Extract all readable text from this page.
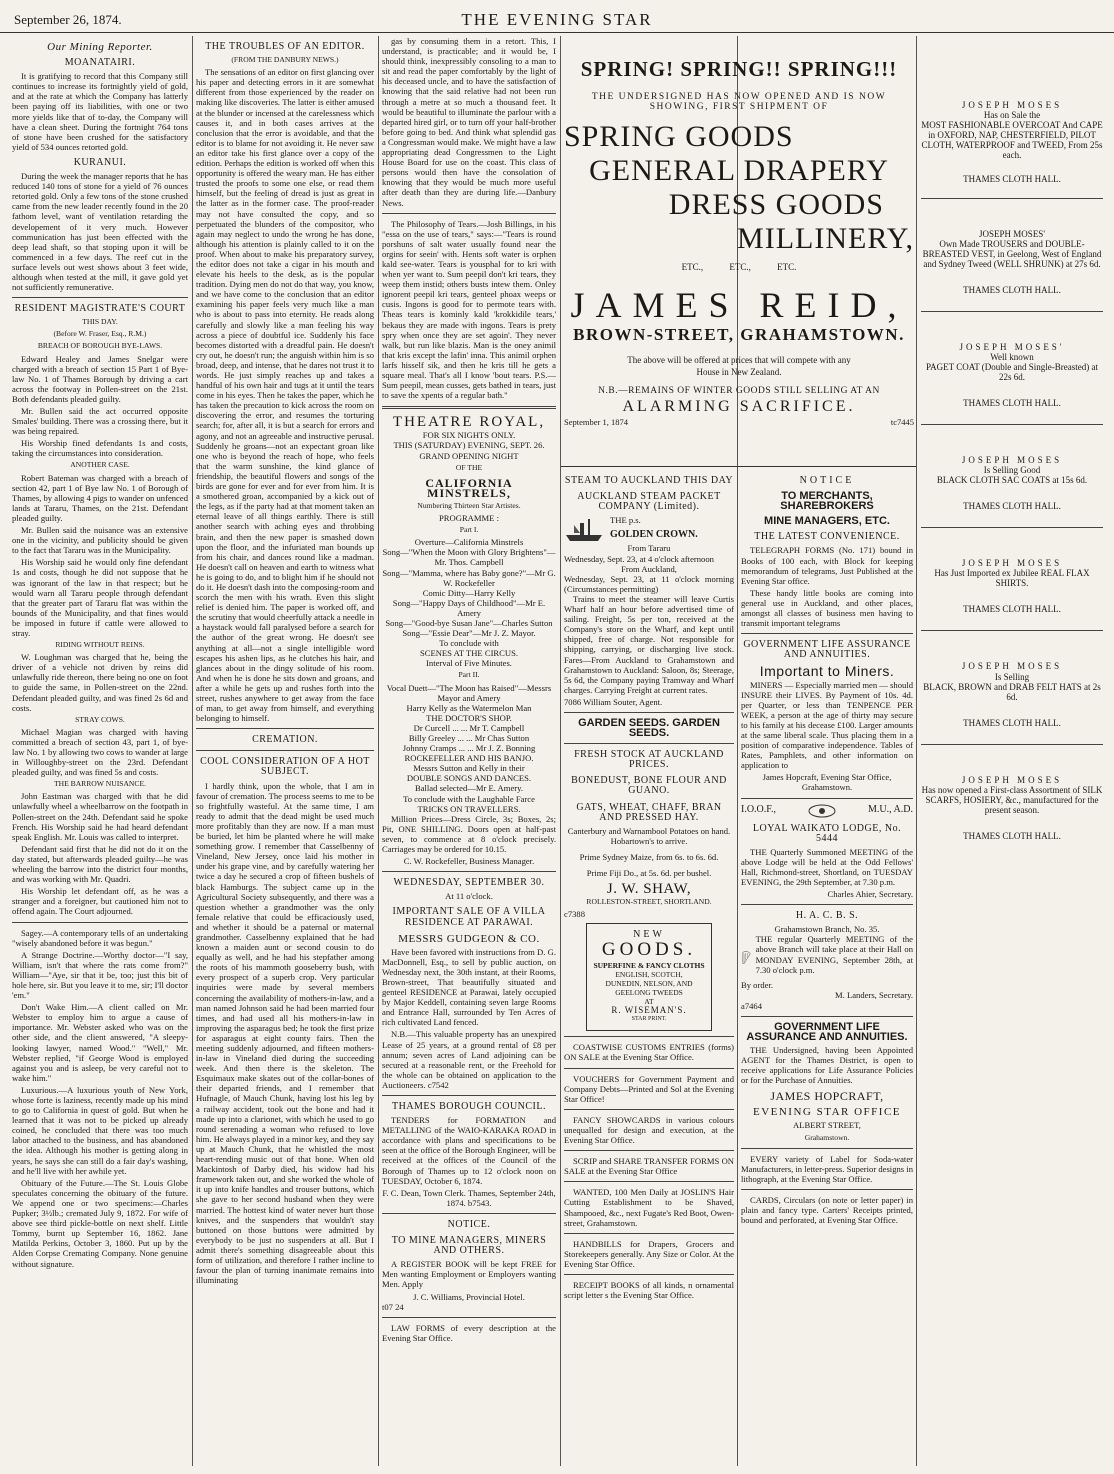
September 26, 1874.	THE EVENING STAR
Our Mining Reporter.
MOANATAIRI.

It is gratifying to record that this Company still continues to increase its fortnightly yield of gold, and at the rate at which the Company has latterly been paying off its liabilities, with one or two more yields like that of to-day, the Company will have a clean sheet. During the fortnight 764 tons of stone have been crushed for the satisfactory yield of 534 ounces retorted gold.

KURANUI.

During the week the manager reports that he has reduced 140 tons of stone for a yield of 76 ounces retorted gold. Only a few tons of the stone crushed came from the new leader recently found in the 20 fathom level, want of ventilation retarding the developement of it very much. However communication has just been effected with the deep lead shaft, so that stoping upon it will be commenced in a few days. The reef cut in the surface levels out west shows about 3 feet wide, although when tested at the mill, it gave gold yet not sufficiently remunerative.

RESIDENT MAGISTRATE'S COURT
THIS DAY.
(Before W. Fraser, Esq., R.M.)
BREACH OF BOROUGH BYE-LAWS.

Edward Healey and James Snelgar were charged with a breach of section 15 Part 1 of Bye-law No. 1 of Thames Borough by driving a cart across the footway in Pollen-street on the 21st. Both defendants pleaded guilty.

Mr. Bullen said the act occurred opposite Smales' building. There was a crossing there, but it was being repaired.

His Worship fined defendants 1s and costs, taking the circumstances into consideration.

ANOTHER CASE.

Robert Bateman was charged with a breach of section 42, part 1 of Bye law No. 1 of Borough of Thames, by allowing 4 pigs to wander on unfenced lands at Tararu, Thames, on the 21st. Defendant pleaded guilty.

Mr. Bullen said the nuisance was an extensive one in the vicinity, and publicity should be given to the fact that Tararu was in the Municipality.

His Worship said he would only fine defendant 1s and costs, though he did not suppose that he was ignorant of the law in that respect; but he would warn all Tararu people through defendant that the greater part of Tararu flat was within the bounds of the Municipality, and that fines would be imposed in future if cattle were allowed to stray.

RIDING WITHOUT REINS.

W. Loughman was charged that he, being the driver of a vehicle not driven by reins did unlawfully ride thereon, there being no one on foot to guide the same, in Pollen-street on the 22nd. Defendant pleaded guilty, and was fined 2s 6d and costs.

STRAY COWS.

Michael Magian was charged with having committed a breach of section 43, part 1, of bye-law No. 1 by allowing two cows to wander at large in Willoughby-street on the 23rd. Defendant pleaded guilty, and was fined 5s and costs.

THE BARROW NUISANCE.

John Eastman was charged with that he did unlawfully wheel a wheelbarrow on the footpath in Pollen-street on the 24th. Defendant said he spoke French. His Worship said he had heard defendant speak English. Mr. Louis was called to interpret.

Defendant said first that he did not do it on the day stated, but afterwards pleaded guilty—he was wheeling the barrow into the district four months, and was working with Mr. Quadri.

His Worship let defendant off, as he was a stranger and a foreigner, but cautioned him not to offend again. The Court adjourned.

Sagey.—A contemporary tells of an undertaking "wisely abandoned before it was begun."

A Strange Doctrine.—Worthy doctor—"I say, William, isn't that where the rats come from?" William—"Aye, sir that it be, too; just this bit of hole here, sir. But you leave it to me, sir; I'll doctor 'em."

Don't Wake Him.—A client called on Mr. Webster to employ him to argue a cause of importance. Mr. Webster asked who was on the other side, and the client answered, "A sleepy-looking lawyer, named Wood." "Well," Mr. Webster replied, "if George Wood is employed against you and is asleep, be very careful not to wake him."

Luxurious.—A luxurious youth of New York, whose forte is laziness, recently made up his mind to go to California in quest of gold. But when he learned that it was not to be picked up already coined, he concluded that there was too much labor attached to the business, and has abandoned the idea. Although his mother is getting along in years, he says she can still do a fair day's washing, and he'll live with her awhile yet.

Obituary of the Future.—The St. Louis Globe speculates concerning the obituary of the future. We append one or two specimens:—Charles Pupker; 3½lb.; cremated July 9, 1872. For wife of above see third pickle-bottle on next shelf. Little Tommy, burnt up September 16, 1862. Jane Matilda Perkins, October 3, 1860. Put up by the Alden Corpse Cremating Company. None genuine without signature.

THE TROUBLES OF AN EDITOR.
(FROM THE DANBURY NEWS.)

The sensations of an editor on first glancing over his paper and detecting errors in it are somewhat different from those experienced by the reader on making like discoveries. The latter is either amused at the blunder or incensed at the carelessness which causes it, and in both cases arrives at the conclusion that the error is avoidable, and that the editor is to blame for not avoiding it. He never saw an editor take his first glance over a copy of the edition. Perhaps the edition is worked off when this opportunity is offered the weary man. He has either trusted the proofs to some one else, or read them himself, but the feeling of dread is just as great in the latter as in the former case. The proof-reader may not have consulted the copy, and so perpetuated the blunders of the compositor, who again may neglect to undo the wrong he has done, although his attention is plainly called to it on the proof. When about to make his preparatory survey, the editor does not take a cigar in his mouth and elevate his heels to the desk, as is the popular tradition. Dying men do not do that way, you know, and we have come to the conclusion that an editor examining his paper feels very much like a man who is about to pass into eternity. He reads along carefully and slowly like a man feeling his way across a piece of doubtful ice. Suddenly his face becomes distorted with a dreadful pain. He doesn't cry out, he doesn't run; the anguish within him is so broad, deep, and intense, that he dares not trust it to words. He just simply reaches up and takes a handful of his own hair and tugs at it until the tears come in his eyes. Then he takes the paper, which he has taken the precaution to kick across the room on discovering the error, and resumes the torturing search; for, after all, it is but a search for errors and agony, and not an agreeable and instructive perusal. Suddenly he groans—not an expectant groan like one who is beyond the reach of hope, who feels that the warm sunshine, the kind glance of friendship, the beautiful flowers and songs of the birds are gone for ever and for ever from him. It is a smothered groan, accompanied by a kick out of the legs, as if the party had at that moment taken an eternal leave of all things earthly. There is still another search with aching eyes and throbbing brain, and then the new paper is smashed down upon the floor, and the infuriated man bounds up from his chair, and dances round like a madman. He doesn't call on heaven and earth to witness what he is going to do, and to blight him if he should not do it. He doesn't dash into the composing-room and scorch the men with his wrath. Even this slight relief is denied him. The paper is worked off, and the scrutiny that would cheerfully attack a needle in a haystack would fall paralysed before a search for the author of the great wrong. He doesn't see anything at all—not a single intelligible word escapes his ashen lips, as he clutches his hair, and glances about in the dingy solitude of his room. And when he is done he sits down and groans, and after a while he gets up and rushes forth into the street, rushes anywhere to get away from the face of man, to get away from himself, and everything belonging to himself.

CREMATION.
COOL CONSIDERATION OF A HOT SUBJECT.

I hardly think, upon the whole, that I am in favour of cremation. The process seems to me to be so frightfully wasteful. At the same time, I am ready to admit that the dead might be used much more profitably than they are now. If a man must be buried, let him be planted where he will make something grow. I remember that Casselbenny of Vineland, New Jersey, once laid his mother in under his grape vine, and by carefully watering her twice a day he secured a crop of fifteen bushels of black Hamburgs. The subject came up in the Agricultural Society subsequently, and there was a question whether a grandmother was the only female relative that could be efficaciously used, and whether it should be a paternal or maternal grandmother. Casselbenny explained that he had known a maiden aunt or second cousin to do equally as well, and he had his stepfather among the roots of his mammoth gooseberry bush, with every prospect of a superb crop. Very particular inquiries were made by several members concerning the availability of mothers-in-law, and a man named Johnson said he had been married four times, and had used all his mothers-in-law in improving the asparagus bed; he took the first prize for asparagus at eight county fairs. Then the meeting suddenly adjourned, and fifteen mothers-in-law in Vineland died during the succeeding week. And then there is the skeleton. The Esquimaux make skates out of the collar-bones of their departed friends, and I remember that Hufnagle, of Mauch Chunk, having lost his leg by a railway accident, took out the bone and had it made up into a clarionet, with which he used to go round serenading a woman who refused to love him. He always played in a minor key, and they say up at Mauch Chunk, that he whistled the most heart-rending music out of that bone. When old Mackintosh of Darby died, his widow had his framework taken out, and she worked the whole of it up into knife handles and trouser buttons, which she gave to her second husband when they were married. The hottest kind of water never hurt those knives, and the suspenders that wouldn't stay buttoned on those buttons were admitted by everybody to be just no suspenders at all. But I admit there's something disagreeable about this form of utilization, and therefore I rather incline to favour the plan of turning inanimate remains into illuminating

gas by consuming them in a retort. This, I understand, is practicable; and it would be, I should think, inexpressibly consoling to a man to sit and read the paper comfortably by the light of his deceased uncle, and to have the satisfaction of knowing that the said relative had not been run through a metre at so much a thousand feet. It would be beautiful to illuminate the parlour with a departed hired girl, or to turn off your half-brother before going to bed. And think what splendid gas a Congressman would make. We might have a law appropriating dead Congressmen to the Light House Board for use on the coast. This class of persons would then have the consolation of knowing that they would be much more useful after death than they are during life.—Danbury News.

The Philosophy of Tears.—Josh Billings, in his "essa on the use of tears," says:—"Tears is round porshuns of salt water usually found near the orgins for seein' with. Hents soft water is orphen kald see-water. Tears is yousphal for to kri with when yer want to. Sum peepil don't kri tears, they weep them instid; others busts intew them. Onley ignorent peepil kri tears, genteel phoax weeps or cusis. Ingons is good for to permote tears with. Theas tears is kominly kald 'krokkidile tears,' bekaus they are made with ingons. Tears is prety spry when once they are set agoin'. They never walk, but run like blazis. Man is the oney animil that kris except the lafin' inna. This animil orphen larfs hisself sik, and then he kris till he gets a square meal. That's all I know 'bout tears. P.S.—Sum peepil, mean cusses, gets bathed in tears, just to save the xpents of a regular bath."

THEATRE ROYAL,
FOR SIX NIGHTS ONLY.
THIS (SATURDAY) EVENING, SEPT. 26.
GRAND OPENING NIGHT
OF THE
CALIFORNIA MINSTRELS,
Numbering Thirteen Star Artistes.
PROGRAMME :
Part I.
Overture—California Minstrels
Song—"When the Moon with Glory Brightens"—Mr. Thos. Campbell
Song—"Mamma, where has Baby gone?"—Mr G. W. Rockefeller
Comic Ditty—Harry Kelly
Song—"Happy Days of Childhood"—Mr E. Amery
Song—"Good-bye Susan Jane"—Charles Sutton
Song—"Essie Dear"—Mr J. Z. Mayor.
To conclude with
SCENES AT THE CIRCUS.
Interval of Five Minutes.
Part II.
Vocal Duett—"The Moon has Raised"—Messrs Mayor and Amery
Harry Kelly as the Watermelon Man
THE DOCTOR'S SHOP.
Dr Curcell ... ... Mr T. Campbell
Billy Greeley ... ... Mr Chas Sutton
Johnny Cramps ... ... Mr J. Z. Bonning
ROCKEFELLER AND HIS BANJO.
Messrs Sutton and Kelly in their
DOUBLE SONGS AND DANCES.
Ballad selected—Mr E. Amery.
To conclude with the Laughable Farce
TRICKS ON TRAVELLERS.

Million Prices—Dress Circle, 3s; Boxes, 2s; Pit, ONE SHILLING. Doors open at half-past seven, to commence at 8 o'clock precisely. Carriages may be ordered for 10.15.

C. W. Rockefeller, Business Manager.
WEDNESDAY, SEPTEMBER 30.
At 11 o'clock.
IMPORTANT SALE OF A VILLA RESIDENCE AT PARAWAI.
MESSRS GUDGEON & CO.

Have been favored with instructions from D. G. MacDonnell, Esq., to sell by public auction, on Wednesday next, the 30th instant, at their Rooms, Brown-street, That beautifully situated and genteel RESIDENCE at Parawai, lately occupied by Major Keddell, containing seven large Rooms and Entrance Hall, surrounded by Ten Acres of rich cultivated Land fenced.

N.B.—This valuable property has an unexpired Lease of 25 years, at a ground rental of £8 per annum; seven acres of Land adjoining can be secured at a reasonable rent, or the Freehold for the whole can be obtained on application to the Auctioneers. c7542

THAMES BOROUGH COUNCIL.

TENDERS for FORMATION and METALLING of the WAIO-KARAKA ROAD in accordance with plans and specifications to be seen at the office of the Borough Engineer, will be received at the offices of the Council of the Borough of Thames up to 12 o'clock noon on TUESDAY, October 6, 1874.

F. C. Dean, Town Clerk. Thames, September 24th, 1874. b7543.
NOTICE.
TO MINE MANAGERS, MINERS AND OTHERS.

A REGISTER BOOK will be kept FREE for Men wanting Employment or Employers wanting Men. Apply

J. C. Williams, Provincial Hotel.
t07 24

LAW FORMS of every description at the Evening Star Office.

SPRING! SPRING!! SPRING!!!
THE UNDERSIGNED HAS NOW OPENED AND IS NOW
SHOWING, FIRST SHIPMENT OF
SPRING GOODS
GENERAL DRAPERY
DRESS GOODS
MILLINERY,
ETC., ETC., ETC.
JAMES REID,
BROWN-STREET, GRAHAMSTOWN.
The above will be offered at prices that will compete with any House in New Zealand.
N.B.—REMAINS OF WINTER GOODS STILL SELLING AT AN
ALARMING SACRIFICE.
September 1, 1874	tc7445
STEAM TO AUCKLAND THIS DAY
AUCKLAND STEAM PACKET COMPANY (Limited).
THE p.s.
GOLDEN CROWN.
From Tararu
Wednesday, Sept. 23, at 4 o'clock afternoon
From Auckland,
Wednesday, Sept. 23, at 11 o'clock morning (Circumstances permitting)

Trains to meet the steamer will leave Curtis Wharf half an hour before advertised time of sailing. Freight, 5s per ton, received at the Company's store on the Wharf, and kept until shipped, free of charge. Not responsible for shipping, carrying, or discharging live stock. Fares—From Auckland to Grahamstown and Grahamstown to Auckland: Saloon, 8s; Steerage, 5s 6d, the Company paying Tramway and Wharf charges. Carrying Freight at current rates.

7086 William Souter, Agent.
GARDEN SEEDS. GARDEN SEEDS.
FRESH STOCK AT AUCKLAND PRICES.
BONEDUST, BONE FLOUR AND GUANO.
GATS, WHEAT, CHAFF, BRAN AND PRESSED HAY.
Canterbury and Warnambool Potatoes on hand. Hobartown's to arrive.
Prime Sydney Maize, from 6s. to 6s. 6d.
Prime Fiji Do., at 5s. 6d. per bushel.
J. W. SHAW,
ROLLESTON-STREET, SHORTLAND.
c7388
NEW
GOODS.
SUPERFINE & FANCY CLOTHS
ENGLISH, SCOTCH,
DUNEDIN, NELSON, AND
GEELONG TWEEDS
AT
R. WISEMAN'S.
STAR PRINT.

COASTWISE CUSTOMS ENTRIES (forms) ON SALE at the Evening Star Office.

VOUCHERS for Government Payment and Company Debts—Printed and Sol at the Evening Star Office!

FANCY SHOWCARDS in various colours unequalled for design and execution, at the Evening Star Office.

SCRIP and SHARE TRANSFER FORMS ON SALE at the Evening Star Office

WANTED, 100 Men Daily at JOSLIN'S Hair Cutting Establishment to be Shaved, Shampooed, &c., next Fugate's Red Boot, Owen-street, Grahamstown.

HANDBILLS for Drapers, Grocers and Storekeepers generally. Any Size or Color. At the Evening Star Office.

RECEIPT BOOKS of all kinds, n ornamental script letter s the Evening Star Office.

NOTICE
TO MERCHANTS, SHAREBROKERS
MINE MANAGERS, ETC.
THE LATEST CONVENIENCE.

TELEGRAPH FORMS (No. 171) bound in Books of 100 each, with Block for keeping memorandum of telegrams, Just Published at the Evening Star office.

These handy little books are coming into general use in Auckland, and other places, amongst all classes of business men having to transmit important telegrams

GOVERNMENT LIFE ASSURANCE AND ANNUITIES.
Important to Miners.

MINERS — Especially married men — should INSURE their LIVES. By Payment of 10s. 4d. per Quarter, or less than TENPENCE PER WEEK, a person at the age of thirty may secure to his family at his decease £100. Larger amounts at the same liberal scale. Thus placing them in a position of comparative independence. Tables of Rates, Pamphlets, and other information on application to

James Hopcraft, Evening Star Office, Grahamstown.
I.O.O.F.,	M.U., A.D.
LOYAL WAIKATO LODGE, No. 5444

THE Quarterly Summoned MEETING of the above Lodge will be held at the Odd Fellows' Hall, Richmond-street, Shortland, on TUESDAY EVENING, the 29th September, at 7.30 p.m.

Charles Ahier, Secretary.
H. A. C. B. S.
Grahamstown Branch, No. 35.

THE regular Quarterly MEETING of the above Branch will take place at their Hall on MONDAY EVENING, September 28th, at 7.30 o'clock p.m.

By order.
M. Landers, Secretary.
a7464
GOVERNMENT LIFE ASSURANCE AND ANNUITIES.

THE Undersigned, having been Appointed AGENT for the Thames District, is open to receive applications for Life Assurance Policies or for the Purchase of Annuities.

JAMES HOPCRAFT,
EVENING STAR OFFICE
ALBERT STREET,
Grahamstown.

EVERY variety of Label for Soda-water Manufacturers, in letter-press. Superior designs in lithograph, at the Evening Star Office.

CARDS, Circulars (on note or letter paper) in plain and fancy type. Carters' Receipts printed, bound and perforated, at Evening Star Office.

JOSEPH MOSES
Has on Sale the
MOST FASHIONABLE OVERCOAT And CAPE in OXFORD, NAP, CHESTERFIELD, PILOT CLOTH, WATERPROOF and TWEED, From 25s each.
THAMES CLOTH HALL.
JOSEPH MOSES'
Own Made TROUSERS and DOUBLE-BREASTED VEST, in Geelong, West of England and Sydney Tweed (WELL SHRUNK) at 27s 6d.
THAMES CLOTH HALL.
JOSEPH MOSES'
Well known
PAGET COAT (Double and Single-Breasted) at 22s 6d.
THAMES CLOTH HALL.
JOSEPH MOSES
Is Selling Good
BLACK CLOTH SAC COATS at 15s 6d.
THAMES CLOTH HALL.
JOSEPH MOSES
Has Just Imported ex Jubilee REAL FLAX SHIRTS.
THAMES CLOTH HALL.
JOSEPH MOSES
Is Selling
BLACK, BROWN and DRAB FELT HATS at 2s 6d.
THAMES CLOTH HALL.
JOSEPH MOSES
Has now opened a First-class Assortment of SILK SCARFS, HOSIERY, &c., manufactured for the present season.
THAMES CLOTH HALL.
